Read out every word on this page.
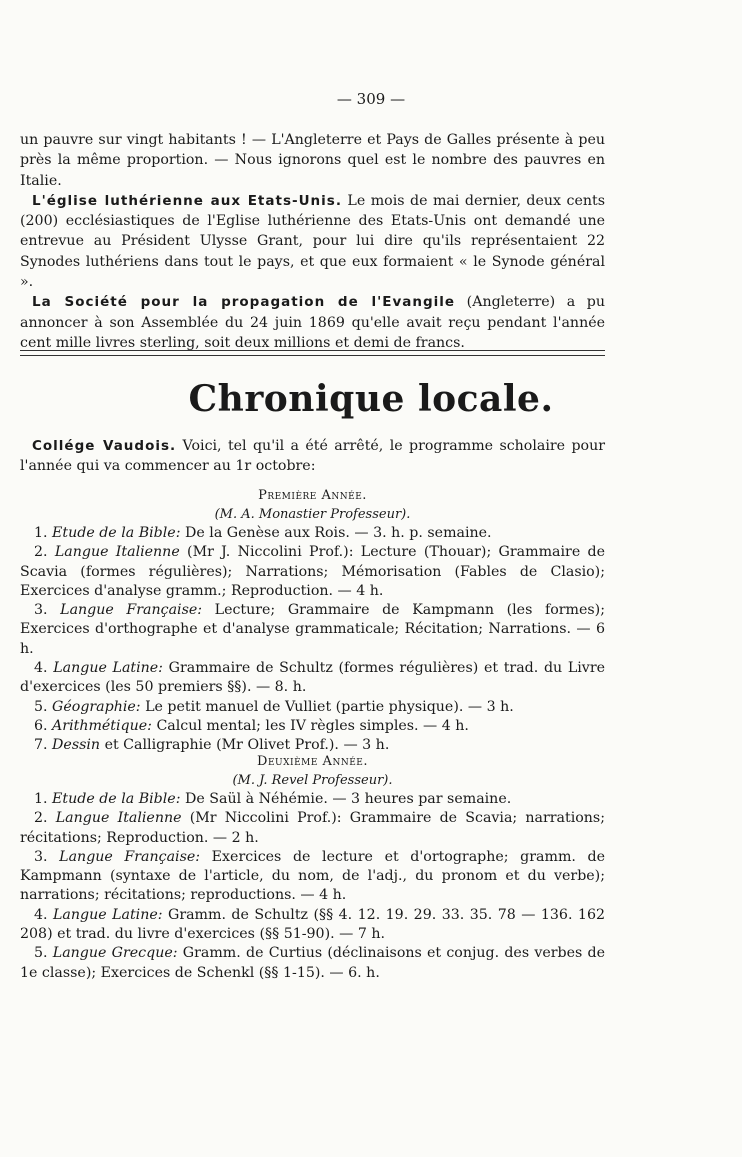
— 309 —

un pauvre sur vingt habitants ! — L'Angleterre et Pays de Galles présente à peu près la même proportion. — Nous ignorons quel est le nombre des pauvres en Italie.

L'église luthérienne aux Etats-Unis. Le mois de mai dernier, deux cents (200) ecclésiastiques de l'Eglise luthérienne des Etats-Unis ont demandé une entrevue au Président Ulysse Grant, pour lui dire qu'ils représentaient 22 Synodes luthériens dans tout le pays, et que eux formaient « le Synode général ».

La Société pour la propagation de l'Evangile (Angleterre) a pu annoncer à son Assemblée du 24 juin 1869 qu'elle avait reçu pendant l'année cent mille livres sterling, soit deux millions et demi de francs.

Chronique locale.

Collége Vaudois. Voici, tel qu'il a été arrêté, le programme scholaire pour l'année qui va commencer au 1r octobre:

Première Année.

(M. A. Monastier Professeur).

1. Etude de la Bible: De la Genèse aux Rois. — 3. h. p. semaine.

2. Langue Italienne (Mr J. Niccolini Prof.): Lecture (Thouar); Grammaire de Scavia (formes régulières); Narrations; Mémorisation (Fables de Clasio); Exercices d'analyse gramm.; Reproduction. — 4 h.

3. Langue Française: Lecture; Grammaire de Kampmann (les formes); Exercices d'orthographe et d'analyse grammaticale; Récitation; Narrations. — 6 h.

4. Langue Latine: Grammaire de Schultz (formes régulières) et trad. du Livre d'exercices (les 50 premiers §§). — 8. h.

5. Géographie: Le petit manuel de Vulliet (partie physique). — 3 h.

6. Arithmétique: Calcul mental; les IV règles simples. — 4 h.

7. Dessin et Calligraphie (Mr Olivet Prof.). — 3 h.

Deuxième Année.

(M. J. Revel Professeur).

1. Etude de la Bible: De Saül à Néhémie. — 3 heures par semaine.

2. Langue Italienne (Mr Niccolini Prof.): Grammaire de Scavia; narrations; récitations; Reproduction. — 2 h.

3. Langue Française: Exercices de lecture et d'ortographe; gramm. de Kampmann (syntaxe de l'article, du nom, de l'adj., du pronom et du verbe); narrations; récitations; reproductions. — 4 h.

4. Langue Latine: Gramm. de Schultz (§§ 4. 12. 19. 29. 33. 35. 78 — 136. 162 208) et trad. du livre d'exercices (§§ 51-90). — 7 h.

5. Langue Grecque: Gramm. de Curtius (déclinaisons et conjug. des verbes de 1e classe); Exercices de Schenkl (§§ 1-15). — 6. h.
